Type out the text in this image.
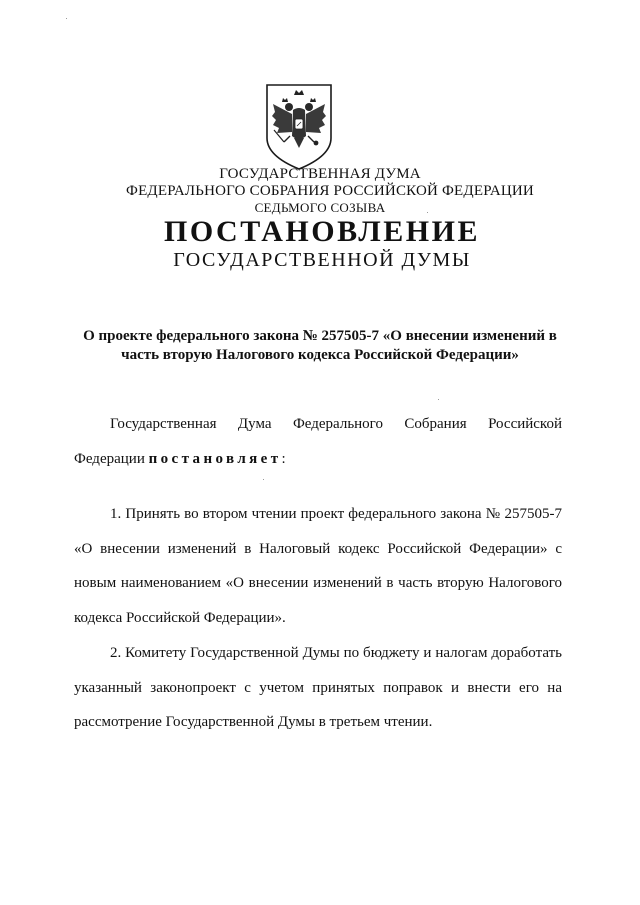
ГОСУДАРСТВЕННАЯ ДУМА
ФЕДЕРАЛЬНОГО СОБРАНИЯ РОССИЙСКОЙ ФЕДЕРАЦИИ
СЕДЬМОГО СОЗЫВА
ПОСТАНОВЛЕНИЕ
ГОСУДАРСТВЕННОЙ ДУМЫ
О проекте федерального закона № 257505-7 «О внесении изменений в часть вторую Налогового кодекса Российской Федерации»
Государственная Дума Федерального Собрания Российской Федерации постановляет:
1. Принять во втором чтении проект федерального закона № 257505-7 «О внесении изменений в Налоговый кодекс Российской Федерации» с новым наименованием «О внесении изменений в часть вторую Налогового кодекса Российской Федерации».
2. Комитету Государственной Думы по бюджету и налогам доработать указанный законопроект с учетом принятых поправок и внести его на рассмотрение Государственной Думы в третьем чтении.
